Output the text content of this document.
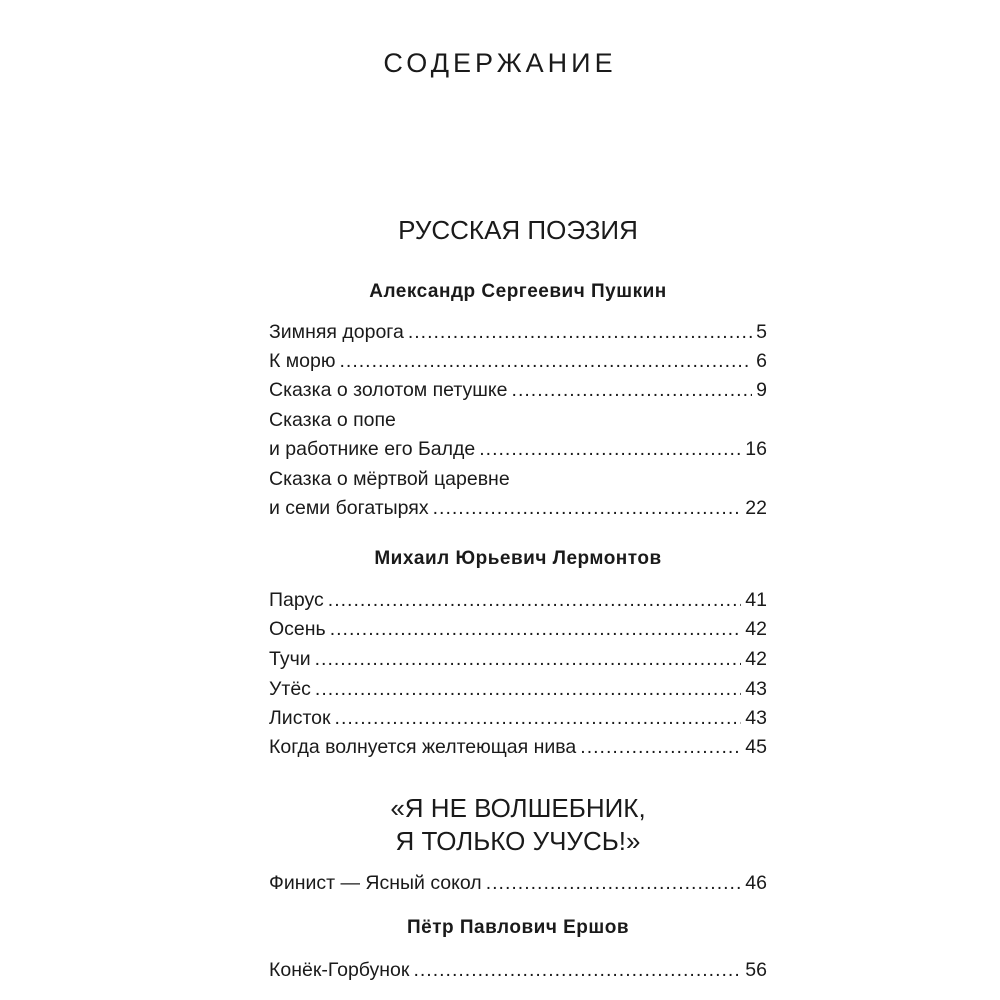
СОДЕРЖАНИЕ
РУССКАЯ ПОЭЗИЯ
Александр Сергеевич Пушкин
Зимняя дорога .....	5
К морю .....	6
Сказка о золотом петушке .....	9
Сказка о попе
и работнике его Балде .....	16
Сказка о мёртвой царевне
и семи богатырях .....	22
Михаил Юрьевич Лермонтов
Парус .....	41
Осень .....	42
Тучи .....	42
Утёс .....	43
Листок .....	43
Когда волнуется желтеющая нива .....	45
«Я НЕ ВОЛШЕБНИК,
Я ТОЛЬКО УЧУСЬ!»
Финист — Ясный сокол .....	46
Пётр Павлович Ершов
Конёк-Горбунок .....	56
